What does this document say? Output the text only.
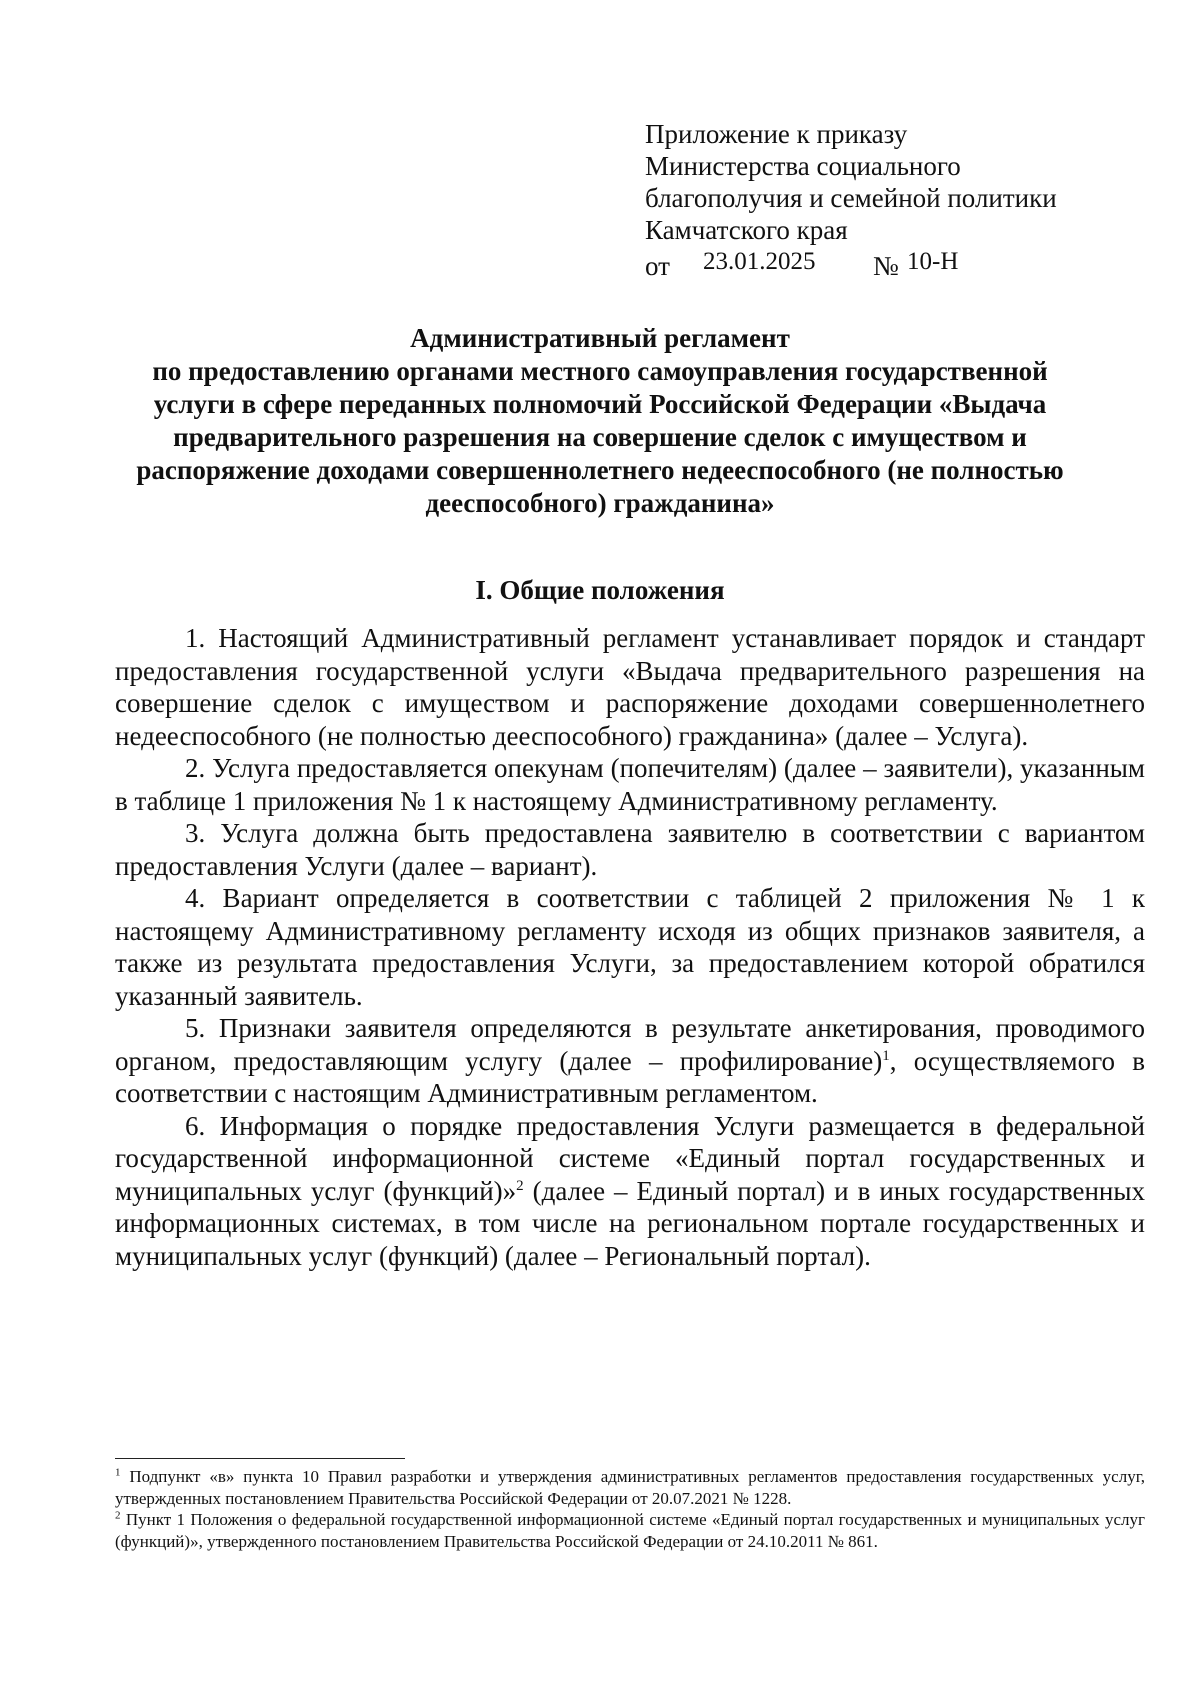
Приложение к приказу
Министерства социального
благополучия и семейной политики
Камчатского края
от 23.01.2025 № 10-Н
Административный регламент
по предоставлению органами местного самоуправления государственной
услуги в сфере переданных полномочий Российской Федерации «Выдача
предварительного разрешения на совершение сделок с имуществом и
распоряжение доходами совершеннолетнего недееспособного (не полностью
дееспособного) гражданина»
I. Общие положения

1. Настоящий Административный регламент устанавливает порядок и стандарт предоставления государственной услуги «Выдача предварительного разрешения на совершение сделок с имуществом и распоряжение доходами совершеннолетнего недееспособного (не полностью дееспособного) гражданина» (далее – Услуга).

2. Услуга предоставляется опекунам (попечителям) (далее – заявители), указанным в таблице 1 приложения № 1 к настоящему Административному регламенту.

3. Услуга должна быть предоставлена заявителю в соответствии с вариантом предоставления Услуги (далее – вариант).

4. Вариант определяется в соответствии с таблицей 2 приложения № 1 к настоящему Административному регламенту исходя из общих признаков заявителя, а также из результата предоставления Услуги, за предоставлением которой обратился указанный заявитель.

5. Признаки заявителя определяются в результате анкетирования, проводимого органом, предоставляющим услугу (далее – профилирование)$^1$, осуществляемого в соответствии с настоящим Административным регламентом.

6. Информация о порядке предоставления Услуги размещается в федеральной государственной информационной системе «Единый портал государственных и муниципальных услуг (функций)»$^2$ (далее – Единый портал) и в иных государственных информационных системах, в том числе на региональном портале государственных и муниципальных услуг (функций) (далее – Региональный портал).

$^1$ Подпункт «в» пункта 10 Правил разработки и утверждения административных регламентов предоставления государственных услуг, утвержденных постановлением Правительства Российской Федерации от 20.07.2021 № 1228.

$^2$ Пункт 1 Положения о федеральной государственной информационной системе «Единый портал государственных и муниципальных услуг (функций)», утвержденного постановлением Правительства Российской Федерации от 24.10.2011 № 861.
